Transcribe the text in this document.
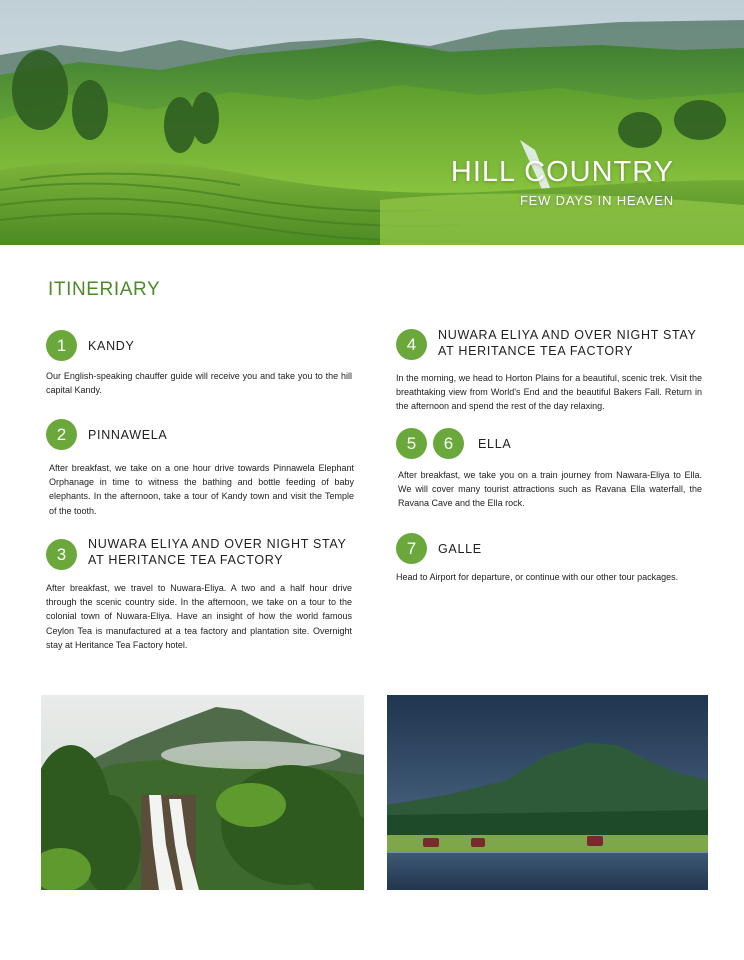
HILL COUNTRY
FEW DAYS IN HEAVEN
ITINERIARY
1	KANDY
Our English-speaking chauffer guide will receive you and take you to the hill capital Kandy.
2	PINNAWELA
After breakfast, we take on a one hour drive towards Pinnawela Elephant Orphanage in time to witness the bathing and bottle feeding of baby elephants. In the afternoon, take a tour of Kandy town and visit the Temple of the tooth.
3
NUWARA ELIYA AND OVER NIGHT STAY AT HERITANCE TEA FACTORY
After breakfast, we travel to Nuwara-Eliya. A two and a half hour drive through the scenic country side. In the afternoon, we take on a tour to the colonial town of Nuwara-Eliya. Have an insight of how the world famous Ceylon Tea is manufactured at a tea factory and plantation site. Overnight stay at Heritance Tea Factory hotel.
4	NUWARA ELIYA AND OVER NIGHT STAY AT HERITANCE TEA FACTORY
In the morning, we head to Horton Plains for a beautiful, scenic trek. Visit the breathtaking view from World's End and the beautiful Bakers Fall. Return in the afternoon and spend the rest of the day relaxing.
5	6	ELLA
After breakfast, we take you on a train journey from Nawara-Eliya to Ella. We will cover many tourist attractions such as Ravana Ella waterfall, the Ravana Cave and the Ella rock.
7	GALLE
Head to Airport for departure, or continue with our other tour packages.
